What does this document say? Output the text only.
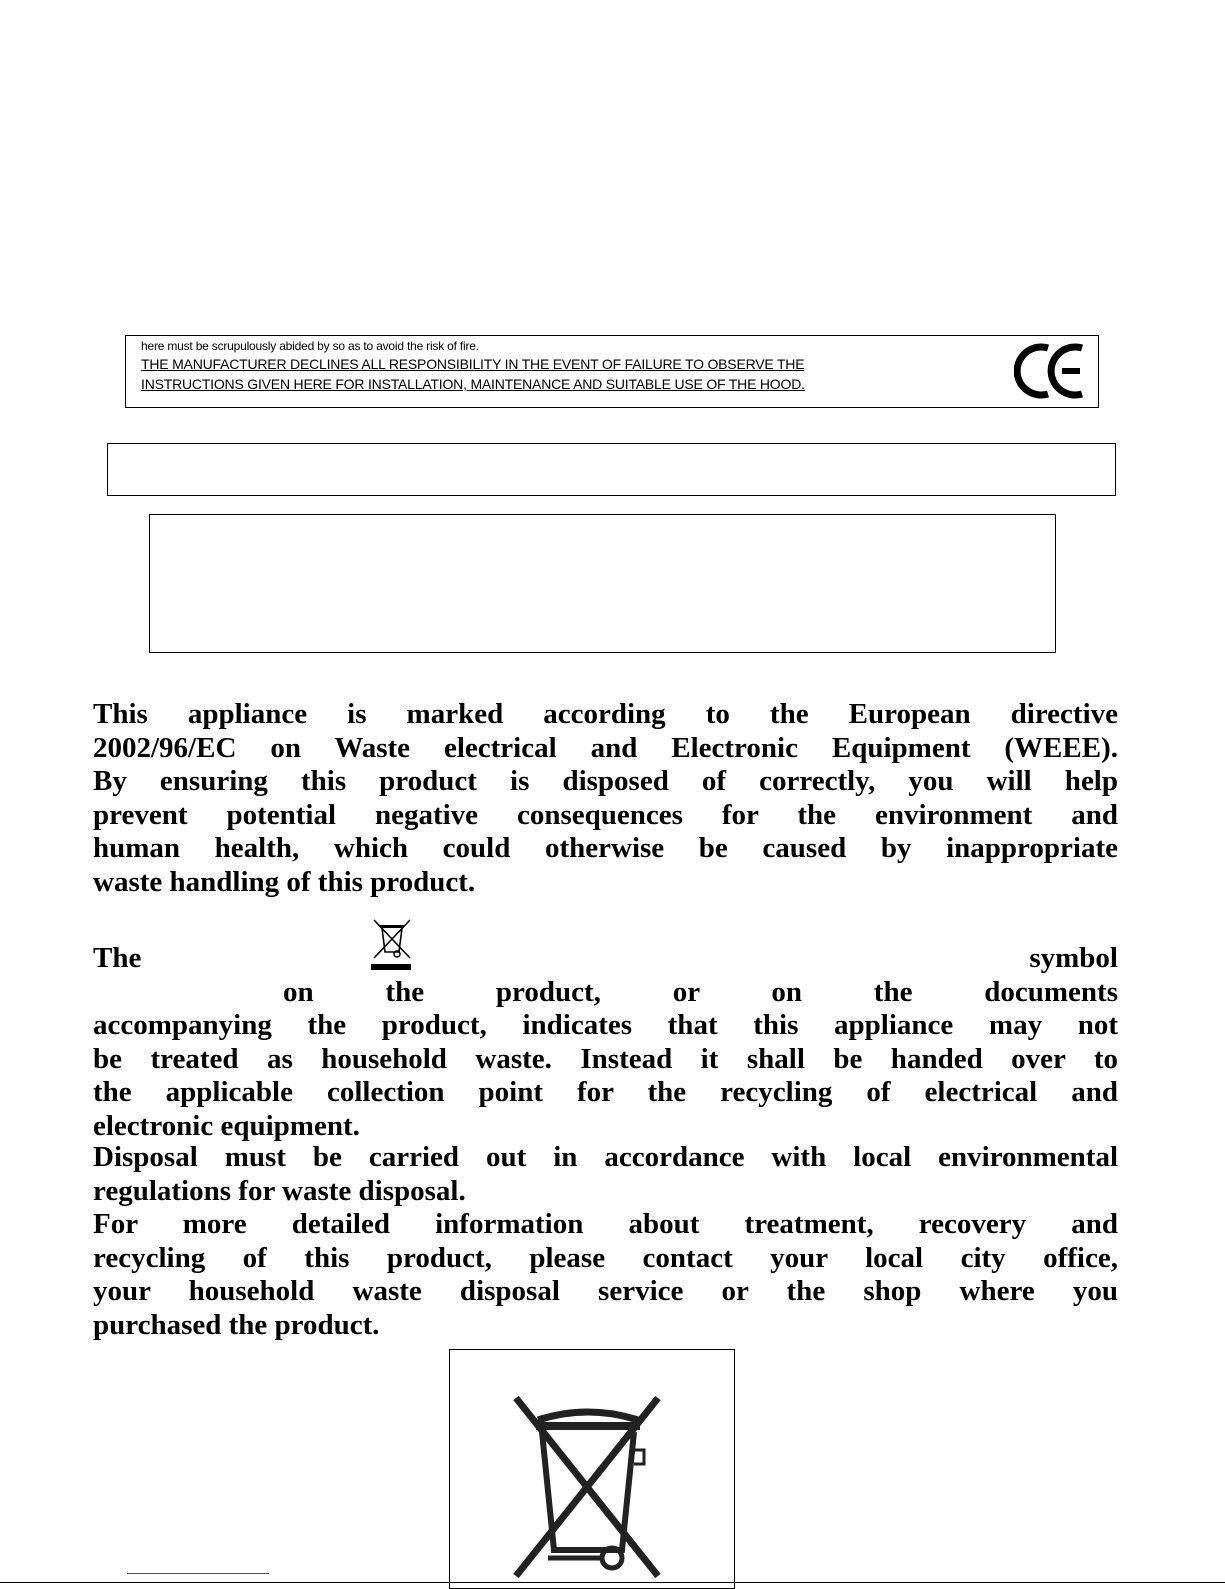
here must be scrupulously abided by so as to avoid the risk of fire.
THE MANUFACTURER DECLINES ALL RESPONSIBILITY IN THE EVENT OF FAILURE TO OBSERVE THE
INSTRUCTIONS GIVEN HERE FOR INSTALLATION, MAINTENANCE AND SUITABLE USE OF THE HOOD.
This appliance is marked according to the European directive
2002/96/EC on Waste electrical and Electronic Equipment (WEEE).
By ensuring this product is disposed of correctly, you will help
prevent potential negative consequences for the environment and
human health, which could otherwise be caused by inappropriate
waste handling of this product.
The symbol
on the product, or on the documents
accompanying the product, indicates that this appliance may not
be treated as household waste. Instead it shall be handed over to
the applicable collection point for the recycling of electrical and
electronic equipment.
Disposal must be carried out in accordance with local environmental
regulations for waste disposal.
For more detailed information about treatment, recovery and
recycling of this product, please contact your local city office,
your household waste disposal service or the shop where you
purchased the product.
